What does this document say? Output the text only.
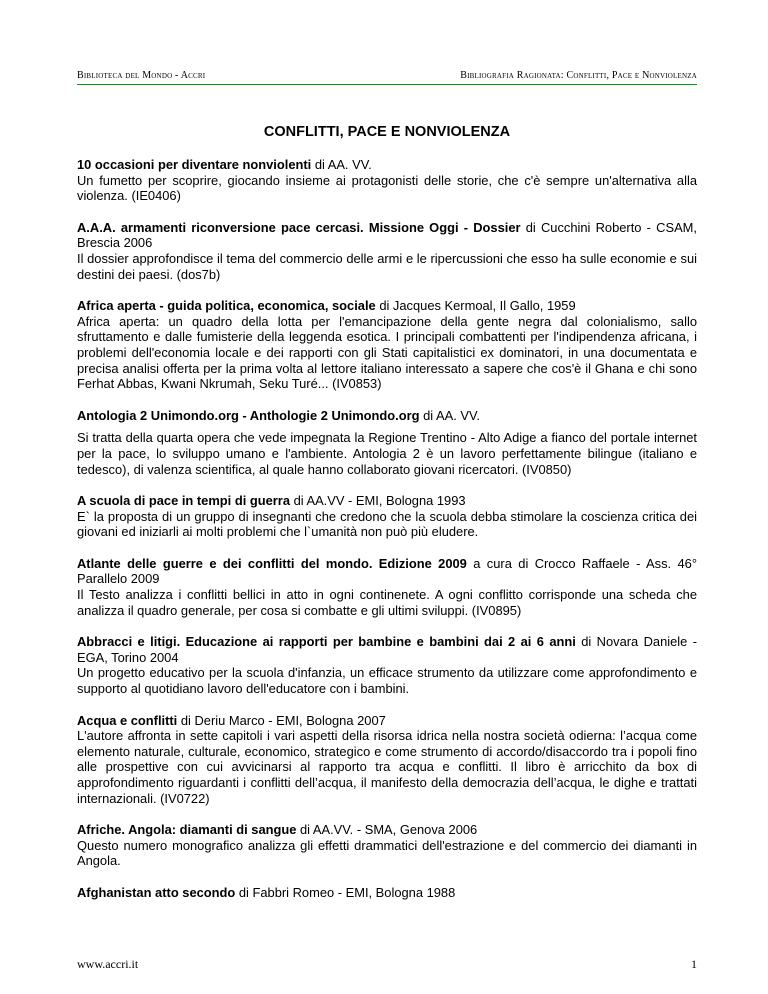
Biblioteca del Mondo - Accri	Bibliografia Ragionata: Conflitti, Pace e Nonviolenza
CONFLITTI, PACE E NONVIOLENZA

10 occasioni per diventare nonviolenti di AA. VV.

Un fumetto per scoprire, giocando insieme ai protagonisti delle storie, che c'è sempre un'alternativa alla violenza. (IE0406)

A.A.A. armamenti riconversione pace cercasi. Missione Oggi - Dossier di Cucchini Roberto - CSAM, Brescia 2006

Il dossier approfondisce il tema del commercio delle armi e le ripercussioni che esso ha sulle economie e sui destini dei paesi. (dos7b)

Africa aperta - guida politica, economica, sociale di Jacques Kermoal, Il Gallo, 1959

Africa aperta: un quadro della lotta per l'emancipazione della gente negra dal colonialismo, sallo sfruttamento e dalle fumisterie della leggenda esotica. I principali combattenti per l'indipendenza africana, i problemi dell'economia locale e dei rapporti con gli Stati capitalistici ex dominatori, in una documentata e precisa analisi offerta per la prima volta al lettore italiano interessato a sapere che cos'è il Ghana e chi sono Ferhat Abbas, Kwani Nkrumah, Seku Turé... (IV0853)

Antologia 2 Unimondo.org - Anthologie 2 Unimondo.org di AA. VV.

Si tratta della quarta opera che vede impegnata la Regione Trentino - Alto Adige a fianco del portale internet per la pace, lo sviluppo umano e l'ambiente. Antologia 2 è un lavoro perfettamente bilingue (italiano e tedesco), di valenza scientifica, al quale hanno collaborato giovani ricercatori. (IV0850)

A scuola di pace in tempi di guerra di AA.VV - EMI, Bologna 1993

E` la proposta di un gruppo di insegnanti che credono che la scuola debba stimolare la coscienza critica dei giovani ed iniziarli ai molti problemi che l`umanità non può più eludere.

Atlante delle guerre e dei conflitti del mondo. Edizione 2009 a cura di Crocco Raffaele - Ass. 46° Parallelo 2009

Il Testo analizza i conflitti bellici in atto in ogni continenete. A ogni conflitto corrisponde una scheda che analizza il quadro generale, per cosa si combatte e gli ultimi sviluppi. (IV0895)

Abbracci e litigi. Educazione ai rapporti per bambine e bambini dai 2 ai 6 anni di Novara Daniele - EGA, Torino 2004

Un progetto educativo per la scuola d'infanzia, un efficace strumento da utilizzare come approfondimento e supporto al quotidiano lavoro dell'educatore con i bambini.

Acqua e conflitti di Deriu Marco - EMI, Bologna 2007

L'autore affronta in sette capitoli i vari aspetti della risorsa idrica nella nostra società odierna: l’acqua come elemento naturale, culturale, economico, strategico e come strumento di accordo/disaccordo tra i popoli fino alle prospettive con cui avvicinarsi al rapporto tra acqua e conflitti. Il libro è arricchito da box di approfondimento riguardanti i conflitti dell’acqua, il manifesto della democrazia dell’acqua, le dighe e trattati internazionali. (IV0722)

Afriche. Angola: diamanti di sangue di AA.VV. - SMA, Genova 2006

Questo numero monografico analizza gli effetti drammatici dell'estrazione e del commercio dei diamanti in Angola.

Afghanistan atto secondo di Fabbri Romeo - EMI, Bologna 1988

www.accri.it	1
